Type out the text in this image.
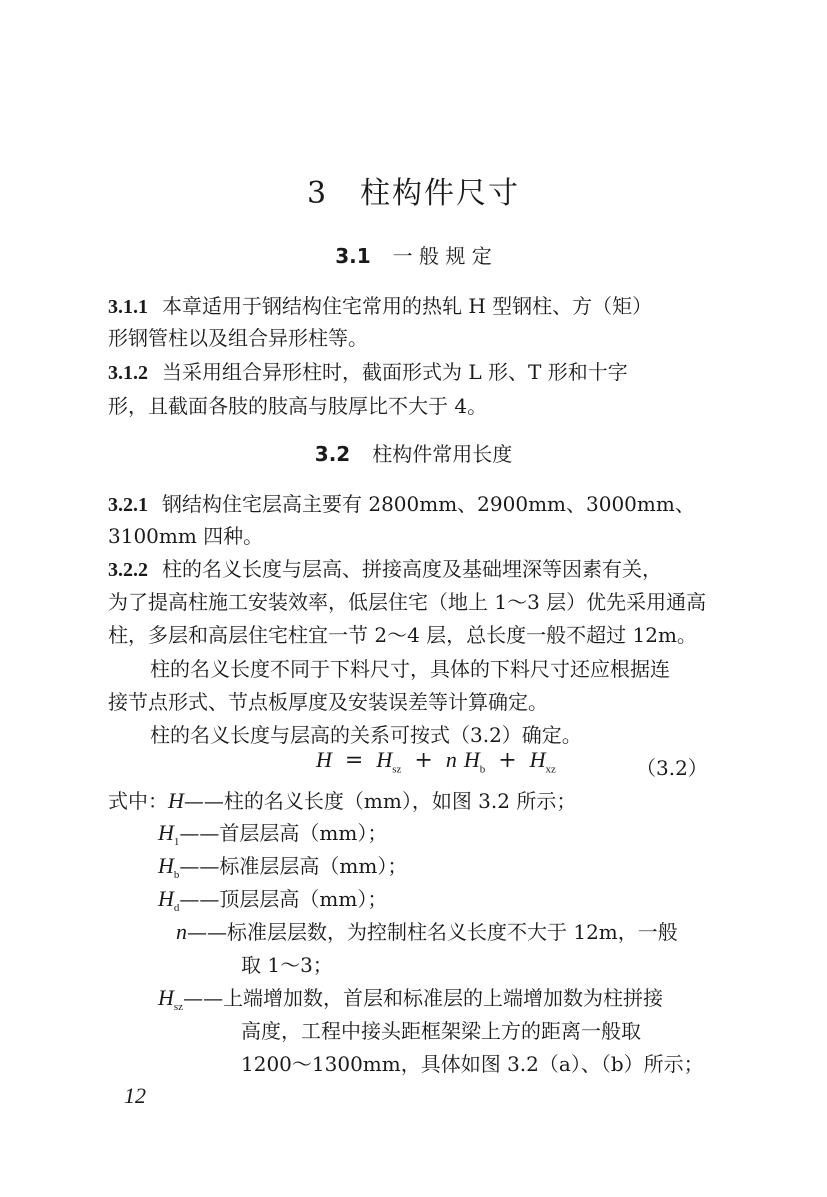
3　柱构件尺寸
3.1 一 般 规 定
3.1.1 本章适用于钢结构住宅常用的热轧 H 型钢柱、方（矩）
形钢管柱以及组合异形柱等。
3.1.2 当采用组合异形柱时，截面形式为 L 形、T 形和十字
形，且截面各肢的肢高与肢厚比不大于 4。
3.2 柱构件常用长度
3.2.1 钢结构住宅层高主要有 2800mm、2900mm、3000mm、
3100mm 四种。
3.2.2 柱的名义长度与层高、拼接高度及基础埋深等因素有关，
为了提高柱施工安装效率，低层住宅（地上 1～3 层）优先采用通高
柱，多层和高层住宅柱宜一节 2～4 层，总长度一般不超过 12m。
柱的名义长度不同于下料尺寸，具体的下料尺寸还应根据连
接节点形式、节点板厚度及安装误差等计算确定。
柱的名义长度与层高的关系可按式（3.2）确定。
$H = H_{sz} + n$ $H_b + H_{xz}$	（3.2）
式中：H——柱的名义长度（mm），如图 3.2 所示；
$H_1——$首层层高（mm）；
$H_b——$标准层层高（mm）；
$H_d——$顶层层高（mm）；
n——标准层层数，为控制柱名义长度不大于 12m，一般
取 1～3；
$H_{sz}——$上端增加数，首层和标准层的上端增加数为柱拼接
高度，工程中接头距框架梁上方的距离一般取
1200～1300mm，具体如图 3.2（a）、（b）所示；
12
